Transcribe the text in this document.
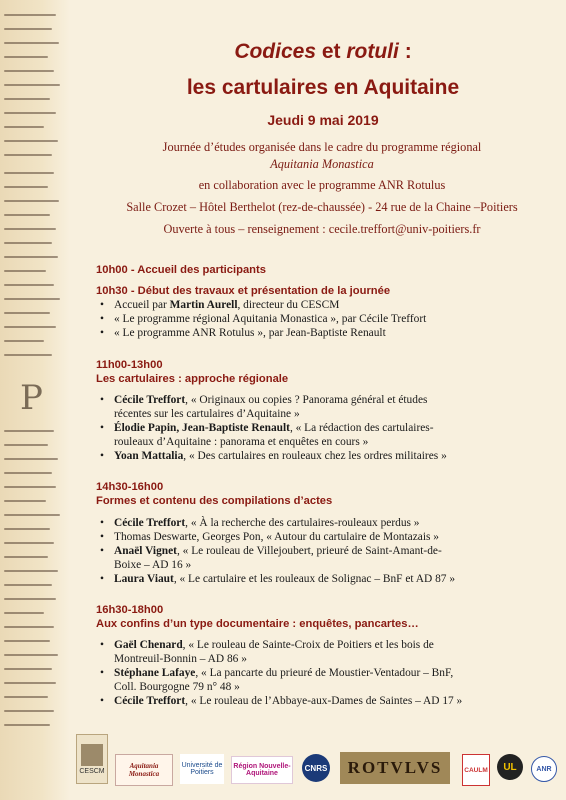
P
Codices et rotuli :
les cartulaires en Aquitaine
Jeudi 9 mai 2019
Journée d’études organisée dans le cadre du programme régional
Aquitania Monastica
en collaboration avec le programme ANR Rotulus
Salle Crozet – Hôtel Berthelot (rez-de-chaussée) - 24 rue de la Chaine –Poitiers
Ouverte à tous – renseignement : cecile.treffort@univ-poitiers.fr
10h00 - Accueil des participants
10h30 - Début des travaux et présentation de la journée
• Accueil par Martin Aurell, directeur du CESCM
• « Le programme régional Aquitania Monastica », par Cécile Treffort
• « Le programme ANR Rotulus », par Jean-Baptiste Renault
11h00-13h00
Les cartulaires : approche régionale
• Cécile Treffort, « Originaux ou copies ? Panorama général et études
récentes sur les cartulaires d’Aquitaine »
• Élodie Papin, Jean-Baptiste Renault, « La rédaction des cartulaires-
rouleaux d’Aquitaine : panorama et enquêtes en cours »
• Yoan Mattalia, « Des cartulaires en rouleaux chez les ordres militaires »
14h30-16h00
Formes et contenu des compilations d’actes
• Cécile Treffort, « À la recherche des cartulaires-rouleaux perdus »
• Thomas Deswarte, Georges Pon, « Autour du cartulaire de Montazais »
• Anaël Vignet, « Le rouleau de Villejoubert, prieuré de Saint-Amant-de-
Boixe – AD 16 »
• Laura Viaut, « Le cartulaire et les rouleaux de Solignac – BnF et AD 87 »
16h30-18h00
Aux confins d’un type documentaire : enquêtes, pancartes…
• Gaël Chenard, « Le rouleau de Sainte-Croix de Poitiers et les bois de
Montreuil-Bonnin – AD 86 »
• Stéphane Lafaye, « La pancarte du prieuré de Moustier-Ventadour – BnF,
Coll. Bourgogne 79 n° 48 »
• Cécile Treffort, « Le rouleau de l’Abbaye-aux-Dames de Saintes – AD 17 »
CESCM
Aquitania Monastica
Université de Poitiers
Région Nouvelle-Aquitaine
CNRS	ROTVLVS	CAULM	UL	ANR
